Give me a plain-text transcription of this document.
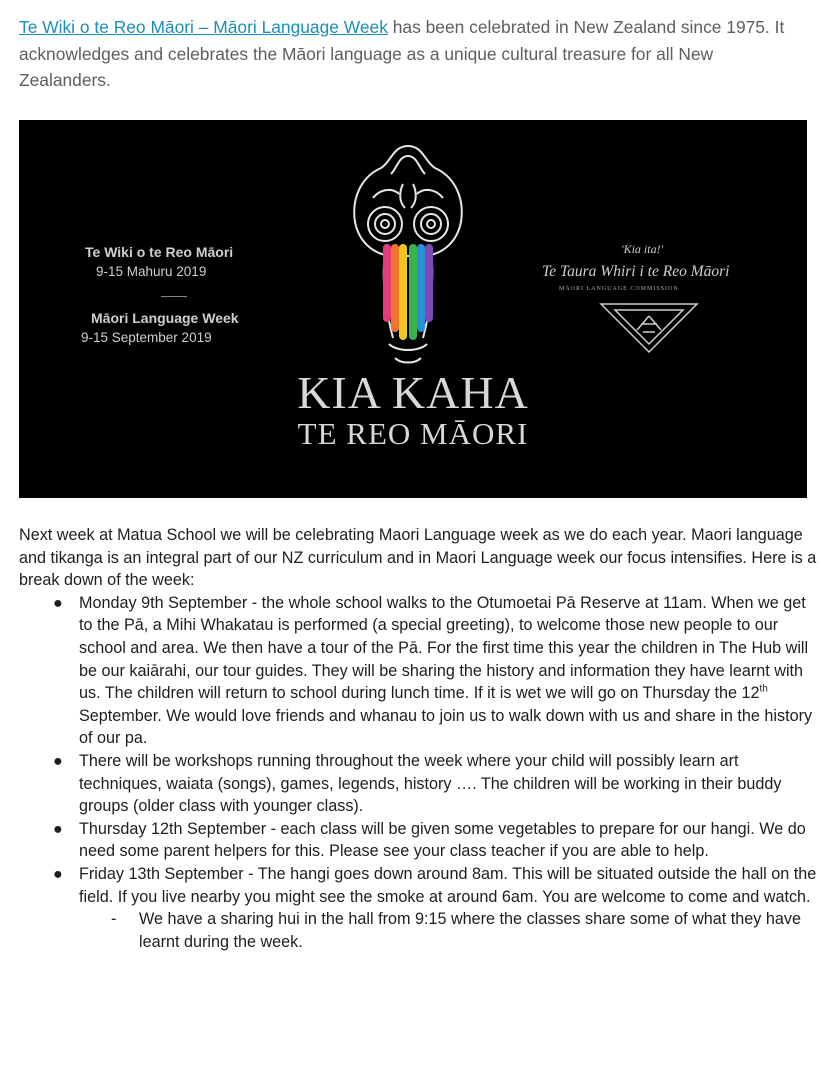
Te Wiki o te Reo Māori – Māori Language Week has been celebrated in New Zealand since 1975. It acknowledges and celebrates the Māori language as a unique cultural treasure for all New Zealanders.
Te Wiki o te Reo Māori
9-15 Mahuru 2019
Māori Language Week
9-15 September 2019
KIA KAHA
TE REO MĀORI
'Kia ita!'
Te Taura Whiri i te Reo Māori
MĀORI LANGUAGE COMMISSION

Next week at Matua School we will be celebrating Maori Language week as we do each year. Maori language and tikanga is an integral part of our NZ curriculum and in Maori Language week our focus intensifies. Here is a break down of the week:

● Monday 9th September - the whole school walks to the Otumoetai Pā Reserve at 11am. When we get to the Pā, a Mihi Whakatau is performed (a special greeting), to welcome those new people to our school and area. We then have a tour of the Pā. For the first time this year the children in The Hub will be our kaiārahi, our tour guides. They will be sharing the history and information they have learnt with us. The children will return to school during lunch time. If it is wet we will go on Thursday the 12th September. We would love friends and whanau to join us to walk down with us and share in the history of our pa.
● There will be workshops running throughout the week where your child will possibly learn art techniques, waiata (songs), games, legends, history …. The children will be working in their buddy groups (older class with younger class).
● Thursday 12th September - each class will be given some vegetables to prepare for our hangi. We do need some parent helpers for this. Please see your class teacher if you are able to help.
● Friday 13th September - The hangi goes down around 8am. This will be situated outside the hall on the field. If you live nearby you might see the smoke at around 6am. You are welcome to come and watch.
- We have a sharing hui in the hall from 9:15 where the classes share some of what they have learnt during the week.
